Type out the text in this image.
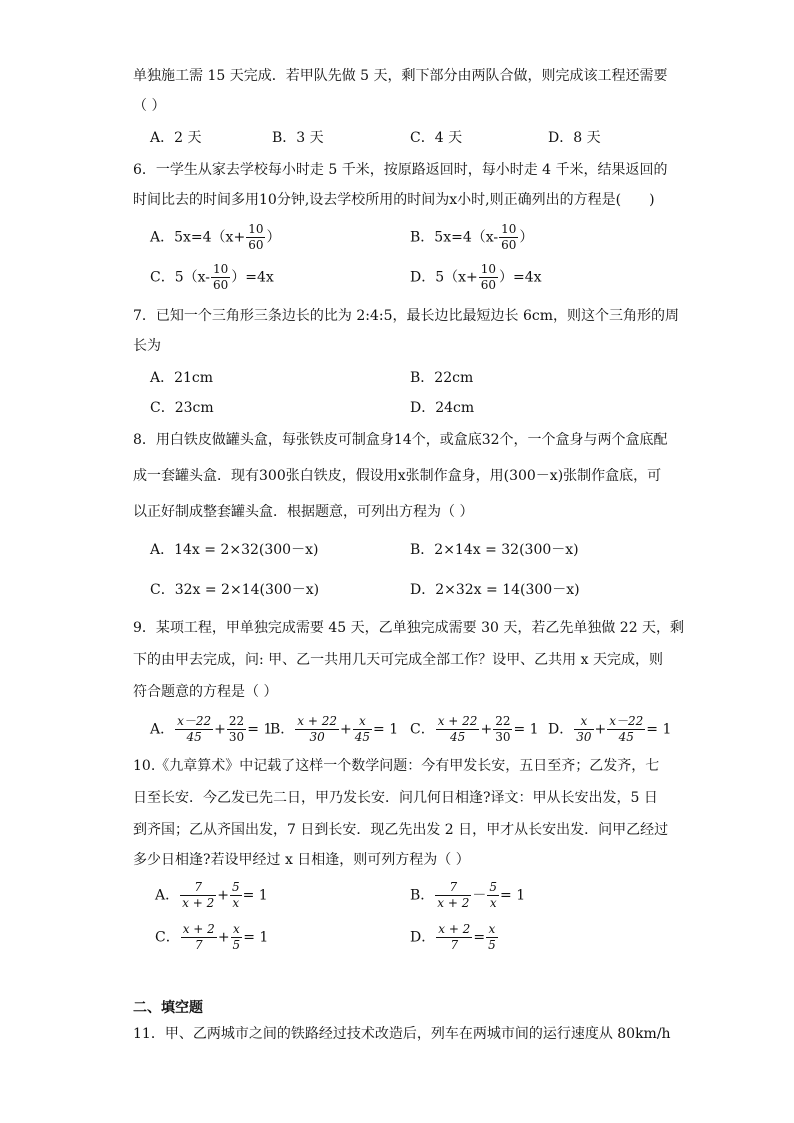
单独施工需 15 天完成．若甲队先做 5 天，剩下部分由两队合做，则完成该工程还需要
（ ）
A．2 天	B．3 天	C．4 天	D．8 天
6．一学生从家去学校每小时走 5 千米，按原路返回时，每小时走 4 千米，结果返回的
时间比去的时间多用10分钟,设去学校所用的时间为x小时,则正确列出的方程是(　　)
A．$5x=4(x+ \frac{10}{60}$ ）	B．$5x=4(x- \frac{10}{60}$ ）
C．$5(x- \frac{10}{60} )=4x$	D．$5(x+ \frac{10}{60} )=4x$
7．已知一个三角形三条边长的比为 2:4:5，最长边比最短边长 6cm，则这个三角形的周
长为
A．21cm	B．22cm
C．23cm	D．24cm
8．用白铁皮做罐头盒，每张铁皮可制盒身14个，或盒底32个，一个盒身与两个盒底配
成一套罐头盒．现有300张白铁皮，假设用x张制作盒身，用(300－x)张制作盒底，可
以正好制成整套罐头盒．根据题意，可列出方程为（ ）
A．14x = 2×32(300－x)	B．2×14x = 32(300－x)
C．32x = 2×14(300－x)	D．2×32x = 14(300－x)
9．某项工程，甲单独完成需要 45 天，乙单独完成需要 30 天，若乙先单独做 22 天，剩
下的由甲去完成，问: 甲、乙一共用几天可完成全部工作？设甲、乙共用 x 天完成，则
符合题意的方程是（ ）
A． $\frac{x-22}{45} + \frac{22}{30} = 1$
B． $\frac{x + 22}{30} + \frac{x}{45} = 1$ C． $\frac{x + 22}{45} + \frac{22}{30} = 1$ D． $\frac{x}{30} + \frac{x-22}{45} = 1$
10.《九章算术》中记载了这样一个数学问题：今有甲发长安，五日至齐；乙发齐，七
日至长安．今乙发已先二日，甲乃发长安．问几何日相逢?译文：甲从长安出发，5 日
到齐国；乙从齐国出发，7 日到长安．现乙先出发 2 日，甲才从长安出发．问甲乙经过
多少日相逢?若设甲经过 x 日相逢，则可列方程为（ ）
A． $\frac{7}{x + 2} + \frac{5}{x} = 1$	B． $\frac{7}{x + 2} - \frac{5}{x} = 1$
C． $\frac{x + 2}{7} + \frac{x}{5} = 1$	D． $\frac{x + 2}{7} = \frac{x}{5}$
二、填空题
11．甲、乙两城市之间的铁路经过技术改造后，列车在两城市间的运行速度从 80km/h
